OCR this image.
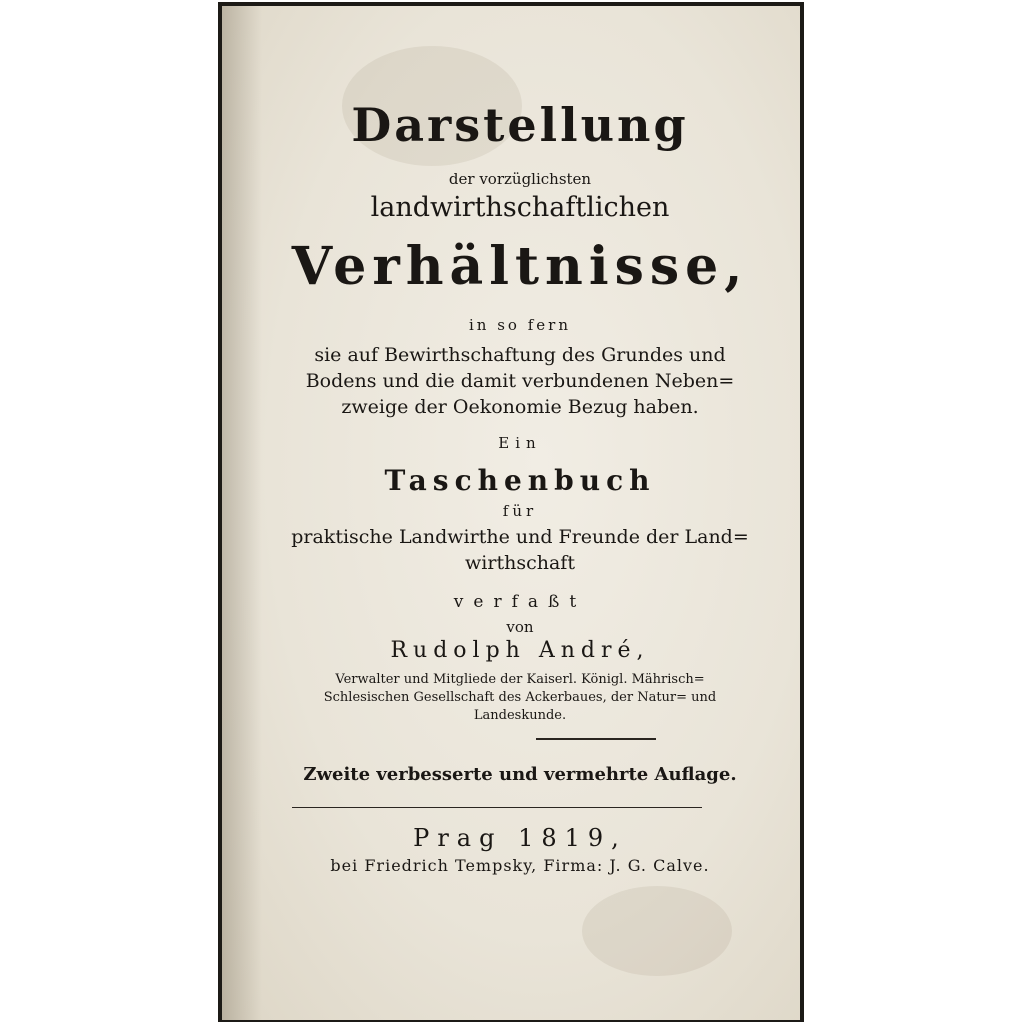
Darstellung
der vorzüglichsten
landwirthschaftlichen
Verhältnisse,
in so fern
sie auf Bewirthschaftung des Grundes und
Bodens und die damit verbundenen Neben=
zweige der Oekonomie Bezug haben.
Ein
Taschenbuch
für
praktische Landwirthe und Freunde der Land=
wirthschaft
verfaßt
von
Rudolph André,
Verwalter und Mitgliede der Kaiserl. Königl. Mährisch=
Schlesischen Gesellschaft des Ackerbaues, der Natur= und
Landeskunde.
Zweite verbesserte und vermehrte Auflage.
Prag 1819,
bei Friedrich Tempsky, Firma: J. G. Calve.
